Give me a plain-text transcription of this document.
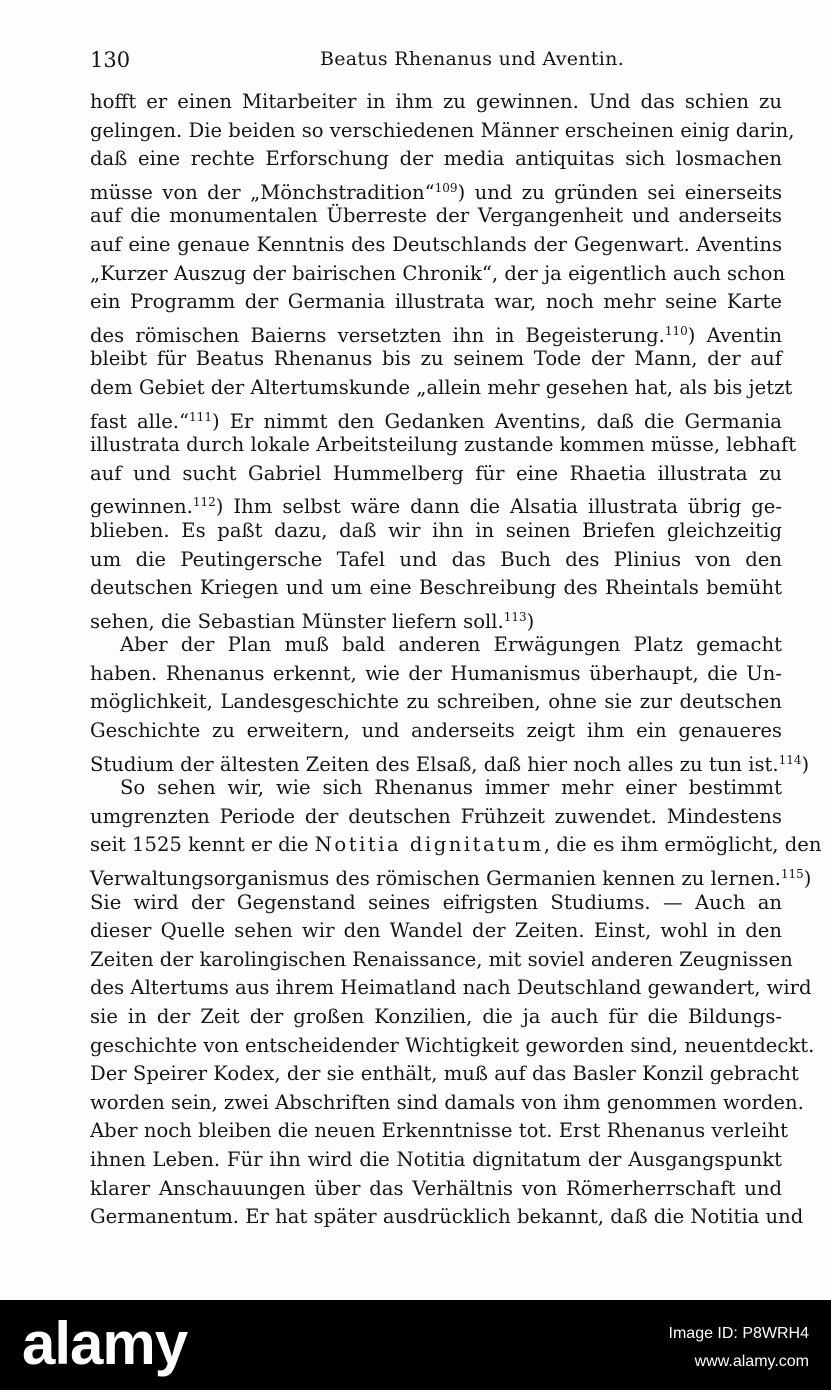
130	Beatus Rhenanus und Aventin.
hofft er einen Mitarbeiter in ihm zu gewinnen. Und das schien zu
gelingen. Die beiden so verschiedenen Männer erscheinen einig darin,
daß eine rechte Erforschung der media antiquitas sich losmachen
müsse von der „Mönchstradition“$^{109}$) und zu gründen sei einerseits
auf die monumentalen Überreste der Vergangenheit und anderseits
auf eine genaue Kenntnis des Deutschlands der Gegenwart. Aventins
„Kurzer Auszug der bairischen Chronik“, der ja eigentlich auch schon
ein Programm der Germania illustrata war, noch mehr seine Karte
des römischen Baierns versetzten ihn in Begeisterung.$^{110}$) Aventin
bleibt für Beatus Rhenanus bis zu seinem Tode der Mann, der auf
dem Gebiet der Altertumskunde „allein mehr gesehen hat, als bis jetzt
fast alle.“$^{111}$) Er nimmt den Gedanken Aventins, daß die Germania
illustrata durch lokale Arbeitsteilung zustande kommen müsse, lebhaft
auf und sucht Gabriel Hummelberg für eine Rhaetia illustrata zu
gewinnen.$^{112}$) Ihm selbst wäre dann die Alsatia illustrata übrig ge-
blieben. Es paßt dazu, daß wir ihn in seinen Briefen gleichzeitig
um die Peutingersche Tafel und das Buch des Plinius von den
deutschen Kriegen und um eine Beschreibung des Rheintals bemüht
sehen, die Sebastian Münster liefern soll.$^{113}$)
Aber der Plan muß bald anderen Erwägungen Platz gemacht
haben. Rhenanus erkennt, wie der Humanismus überhaupt, die Un-
möglichkeit, Landesgeschichte zu schreiben, ohne sie zur deutschen
Geschichte zu erweitern, und anderseits zeigt ihm ein genaueres
Studium der ältesten Zeiten des Elsaß, daß hier noch alles zu tun ist.$^{114}$)
So sehen wir, wie sich Rhenanus immer mehr einer bestimmt
umgrenzten Periode der deutschen Frühzeit zuwendet. Mindestens
seit 1525 kennt er die Notitia dignitatum, die es ihm ermöglicht, den
Verwaltungsorganismus des römischen Germanien kennen zu lernen.$^{115}$)
Sie wird der Gegenstand seines eifrigsten Studiums. — Auch an
dieser Quelle sehen wir den Wandel der Zeiten. Einst, wohl in den
Zeiten der karolingischen Renaissance, mit soviel anderen Zeugnissen
des Altertums aus ihrem Heimatland nach Deutschland gewandert, wird
sie in der Zeit der großen Konzilien, die ja auch für die Bildungs-
geschichte von entscheidender Wichtigkeit geworden sind, neuentdeckt.
Der Speirer Kodex, der sie enthält, muß auf das Basler Konzil gebracht
worden sein, zwei Abschriften sind damals von ihm genommen worden.
Aber noch bleiben die neuen Erkenntnisse tot. Erst Rhenanus verleiht
ihnen Leben. Für ihn wird die Notitia dignitatum der Ausgangspunkt
klarer Anschauungen über das Verhältnis von Römerherrschaft und
Germanentum. Er hat später ausdrücklich bekannt, daß die Notitia und
alamy	Image ID: P8WRH4
www.alamy.com
